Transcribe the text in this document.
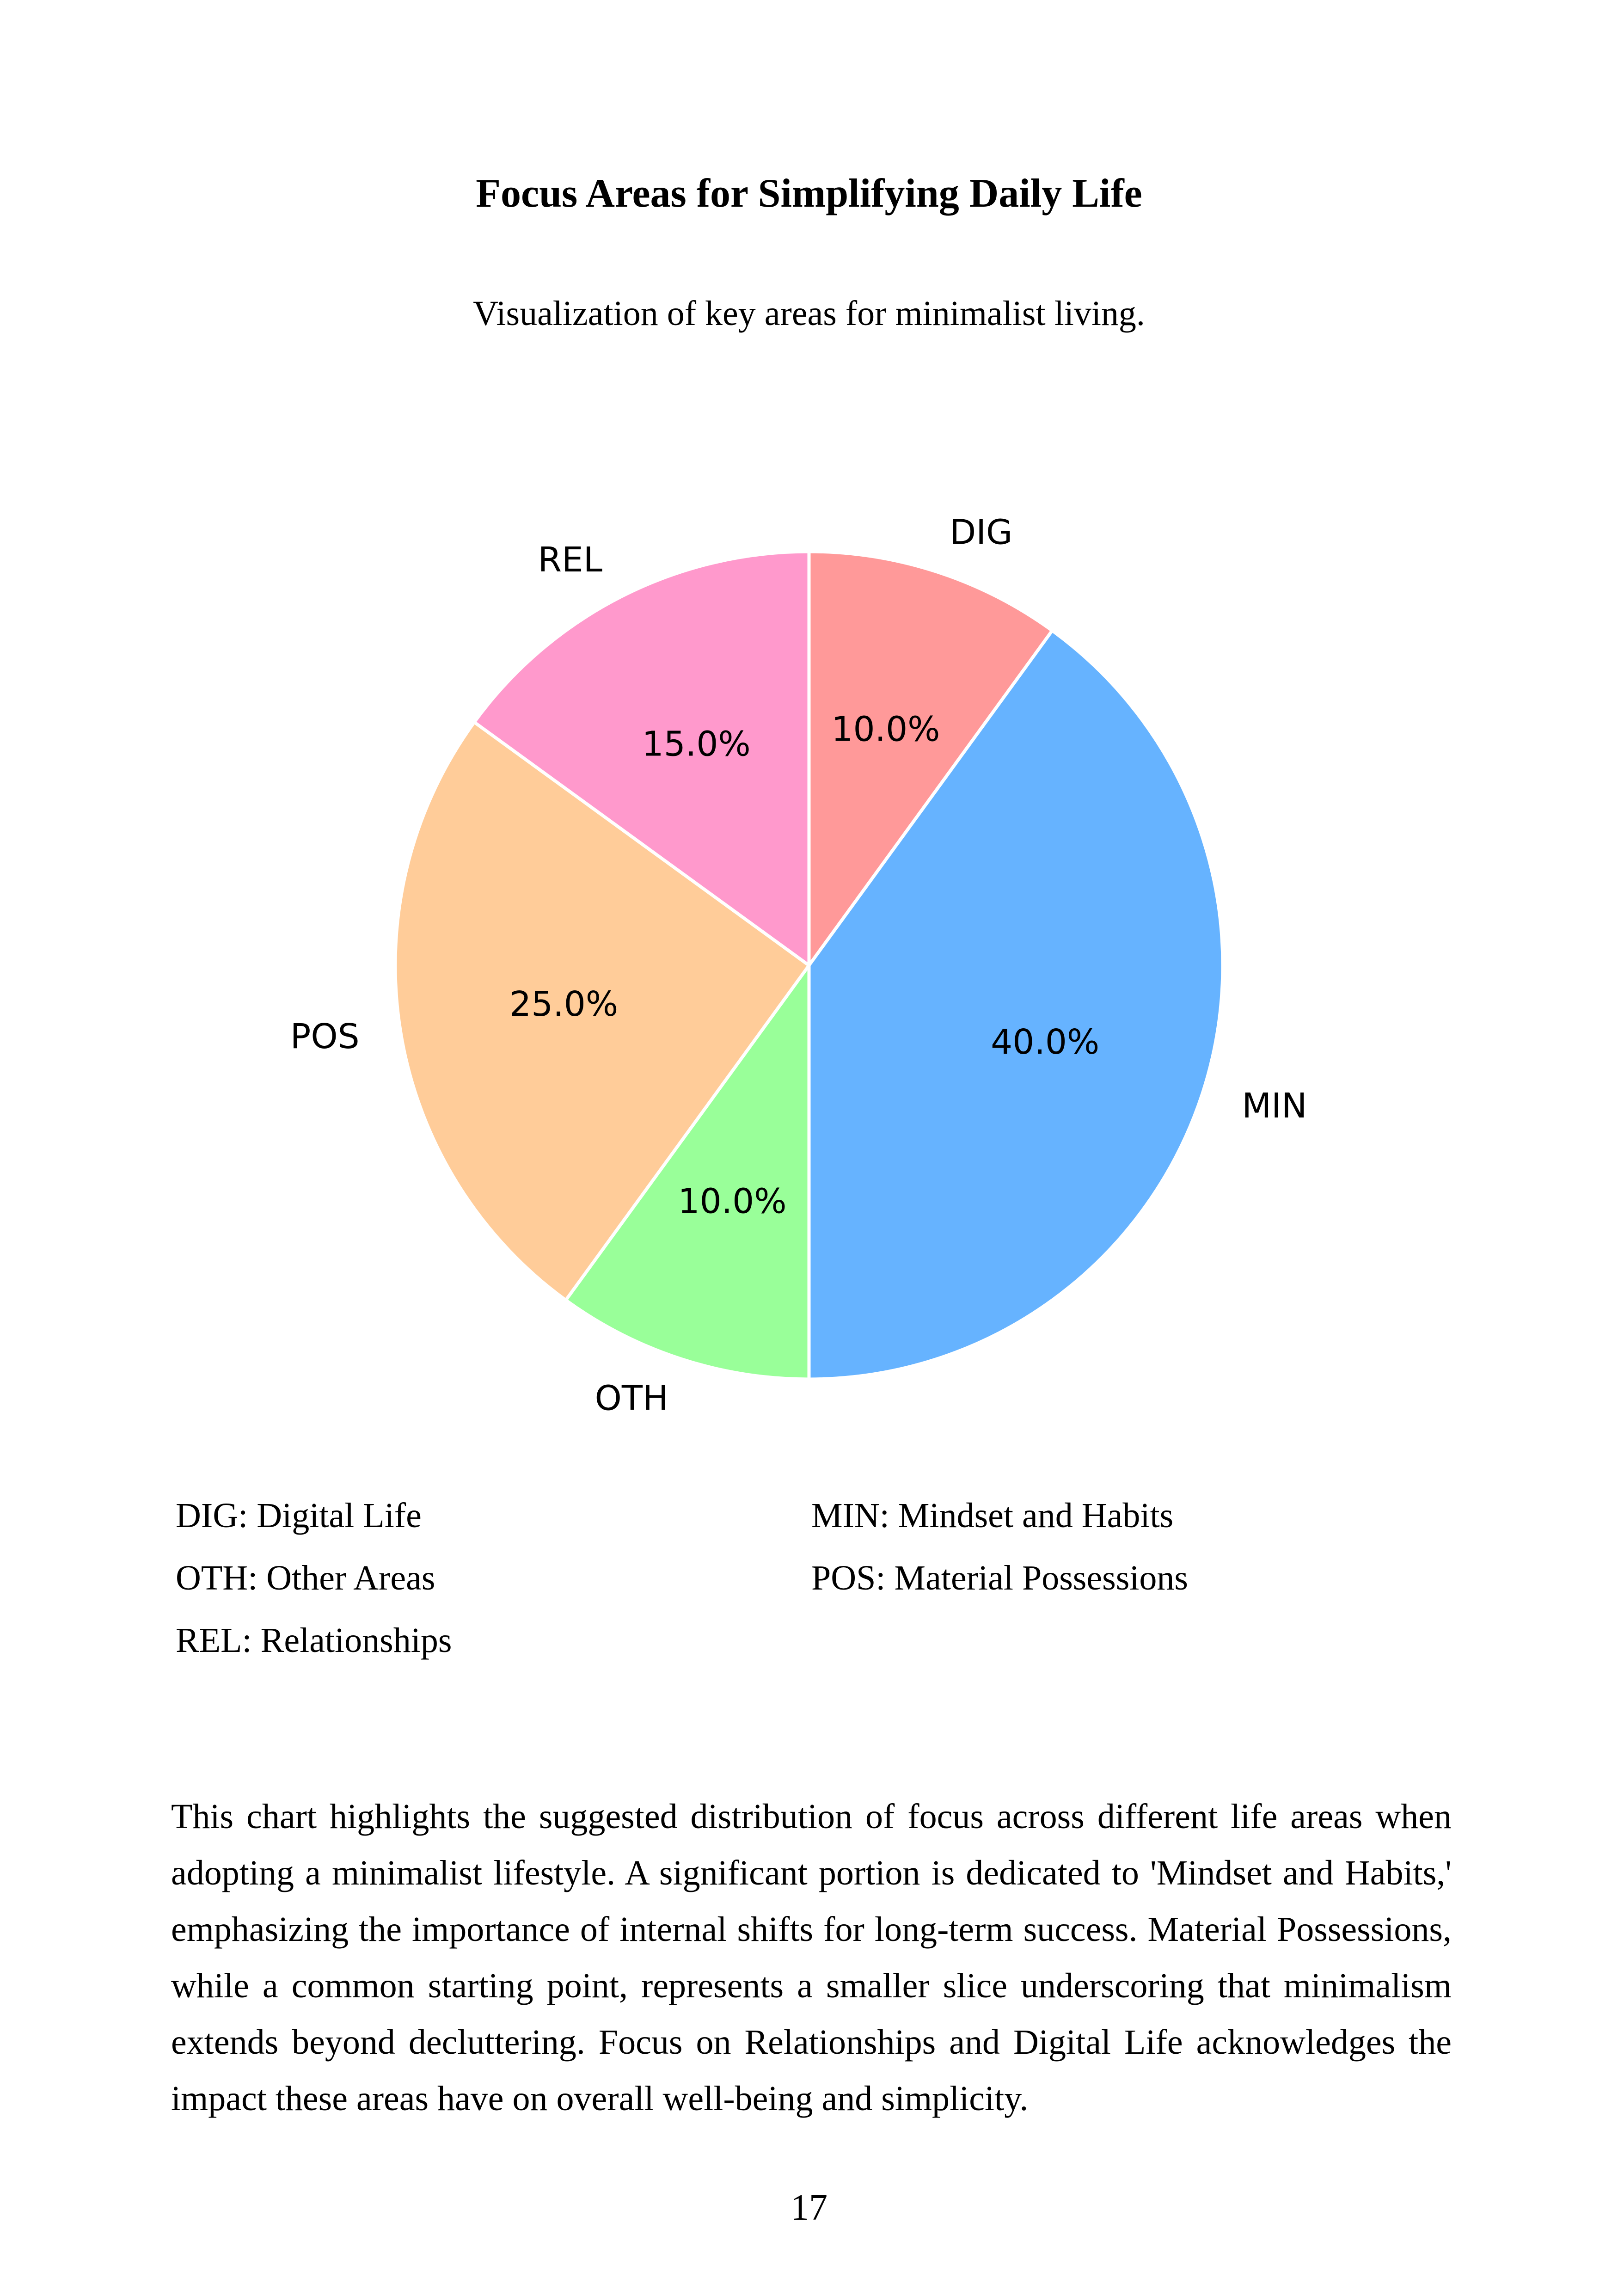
Focus Areas for Simplifying Daily Life
Visualization of key areas for minimalist living.
10.0%
DIG
40.0%
MIN
10.0%
OTH
25.0%
POS
15.0%
REL
DIG: Digital Life	MIN: Mindset and Habits
OTH: Other Areas	POS: Material Possessions
REL: Relationships

This chart highlights the suggested distribution of focus across different life areas when adopting a minimalist lifestyle. A significant portion is dedicated to 'Mindset and Habits,' emphasizing the importance of internal shifts for long-term success. Material Possessions, while a common starting point, represents a smaller slice underscoring that minimalism extends beyond decluttering. Focus on Relationships and Digital Life acknowledges the impact these areas have on overall well-being and simplicity.

17
